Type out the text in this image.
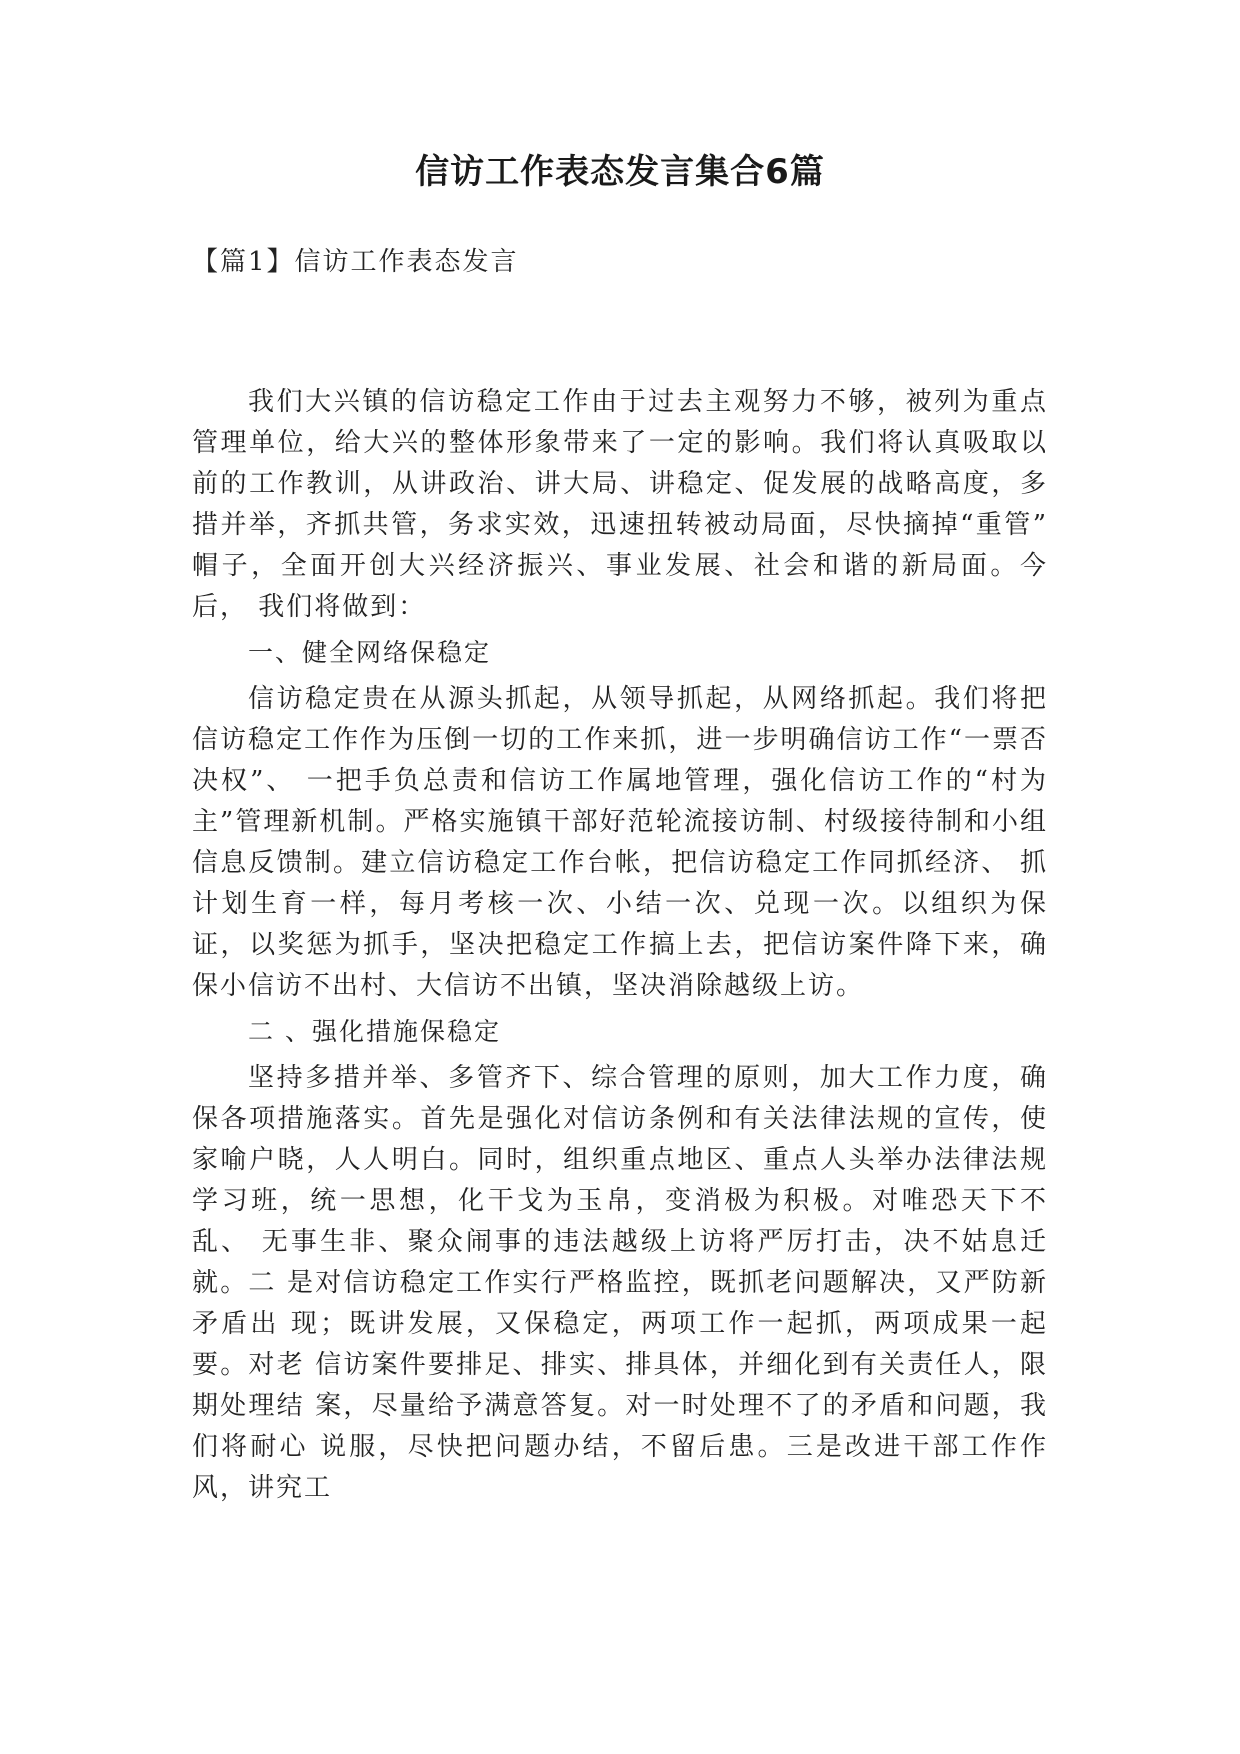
信访工作表态发言集合6篇
【篇1】信访工作表态发言

我们大兴镇的信访稳定工作由于过去主观努力不够，被列为重点管理单位，给大兴的整体形象带来了一定的影响。我们将认真吸取以前的工作教训，从讲政治、讲大局、讲稳定、促发展的战略高度，多措并举，齐抓共管，务求实效，迅速扭转被动局面，尽快摘掉“重管” 帽子，全面开创大兴经济振兴、事业发展、社会和谐的新局面。今后， 我们将做到：

一、健全网络保稳定

信访稳定贵在从源头抓起，从领导抓起，从网络抓起。我们将把信访稳定工作作为压倒一切的工作来抓，进一步明确信访工作“一票否决权”、 一把手负总责和信访工作属地管理，强化信访工作的“村为主”管理新机制。严格实施镇干部好范轮流接访制、村级接待制和小组信息反馈制。建立信访稳定工作台帐，把信访稳定工作同抓经济、 抓计划生育一样，每月考核一次、小结一次、兑现一次。以组织为保 证，以奖惩为抓手，坚决把稳定工作搞上去，把信访案件降下来，确 保小信访不出村、大信访不出镇，坚决消除越级上访。

二 、强化措施保稳定

坚持多措并举、多管齐下、综合管理的原则，加大工作力度，确保各项措施落实。首先是强化对信访条例和有关法律法规的宣传，使家喻户晓，人人明白。同时，组织重点地区、重点人头举办法律法规 学习班，统一思想，化干戈为玉帛，变消极为积极。对唯恐天下不乱、 无事生非、聚众闹事的违法越级上访将严厉打击，决不姑息迁就。二 是对信访稳定工作实行严格监控，既抓老问题解决，又严防新矛盾出 现；既讲发展，又保稳定，两项工作一起抓，两项成果一起要。对老 信访案件要排足、排实、排具体，并细化到有关责任人，限期处理结 案，尽量给予满意答复。对一时处理不了的矛盾和问题，我们将耐心 说服，尽快把问题办结，不留后患。三是改进干部工作作风，讲究工
